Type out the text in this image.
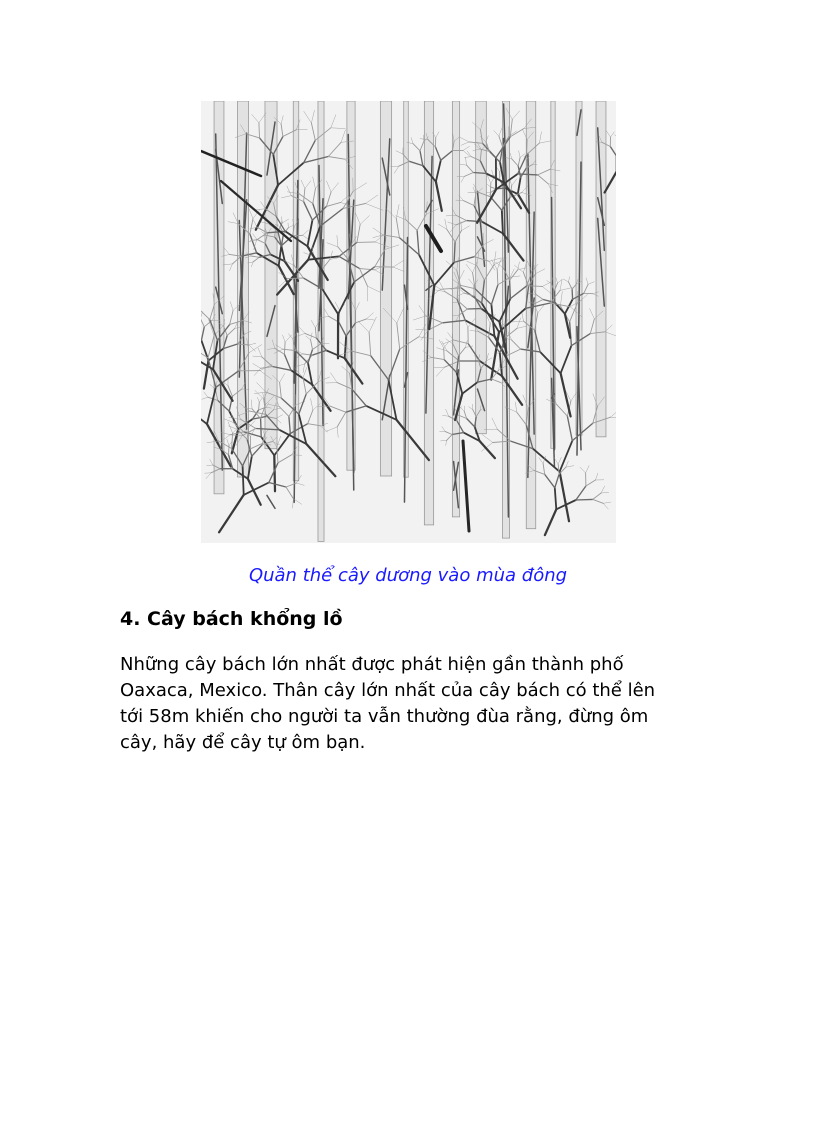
Quần thể cây dương vào mùa đông
4. Cây bách khổng lồ
Những cây bách lớn nhất được phát hiện gần thành phố
Oaxaca, Mexico. Thân cây lớn nhất của cây bách có thể lên
tới 58m khiến cho người ta vẫn thường đùa rằng, đừng ôm
cây, hãy để cây tự ôm bạn.
